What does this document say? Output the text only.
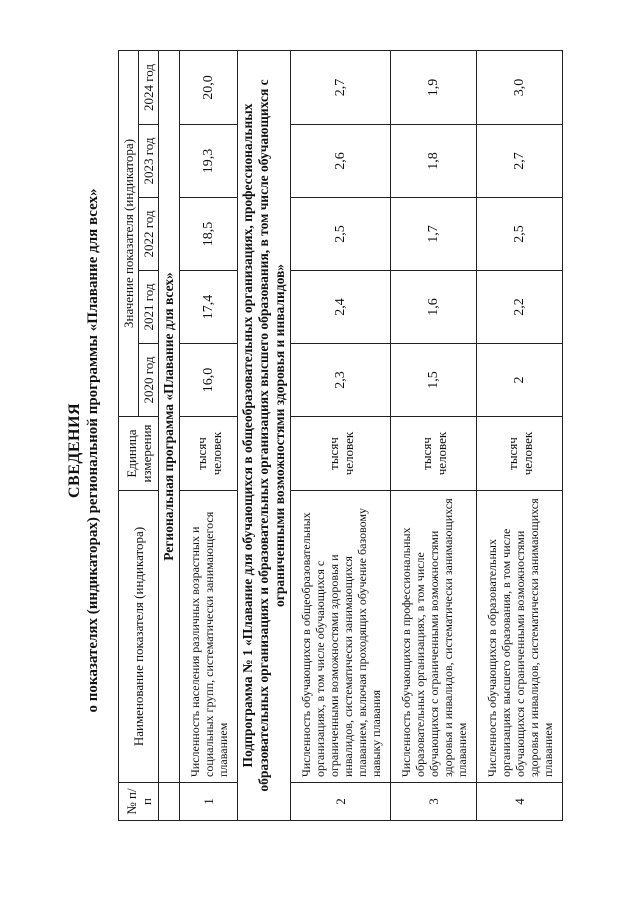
СВЕДЕНИЯ о показателях (индикаторах) региональной программы «Плавание для всех»
№ п/п	Наименование показателя (индикатора)	Единица измерения	Значение показателя (индикатора)				
			2020 год	2021 год	2022 год	2023 год	2024 год
	Региональная программа «Плавание для всех»						
1	Численность населения различных возрастных и социальных групп, систематически занимающегося плаванием	тысяч человек	16,0	17,4	18,5	19,3	20,0
Подпрограмма № 1 «Плавание для обучающихся в общеобразовательных организациях, профессиональных образовательных организациях и образовательных организациях высшего образования, в том числе обучающихся с ограниченными возможностями здоровья и инвалидов»							
2	Численность обучающихся в общеобразовательных организациях, в том числе обучающихся с ограниченными возможностями здоровья и инвалидов, систематически занимающихся плаванием, включая проходящих обучение базовому навыку плавания	тысяч человек	2,3	2,4	2,5	2,6	2,7
3	Численность обучающихся в профессиональных образовательных организациях, в том числе обучающихся с ограниченными возможностями здоровья и инвалидов, систематически занимающихся плаванием	тысяч человек	1,5	1,6	1,7	1,8	1,9
4	Численность обучающихся в образовательных организациях высшего образования, в том числе обучающихся с ограниченными возможностями здоровья и инвалидов, систематически занимающихся плаванием	тысяч человек	2	2,2	2,5	2,7	3,0
